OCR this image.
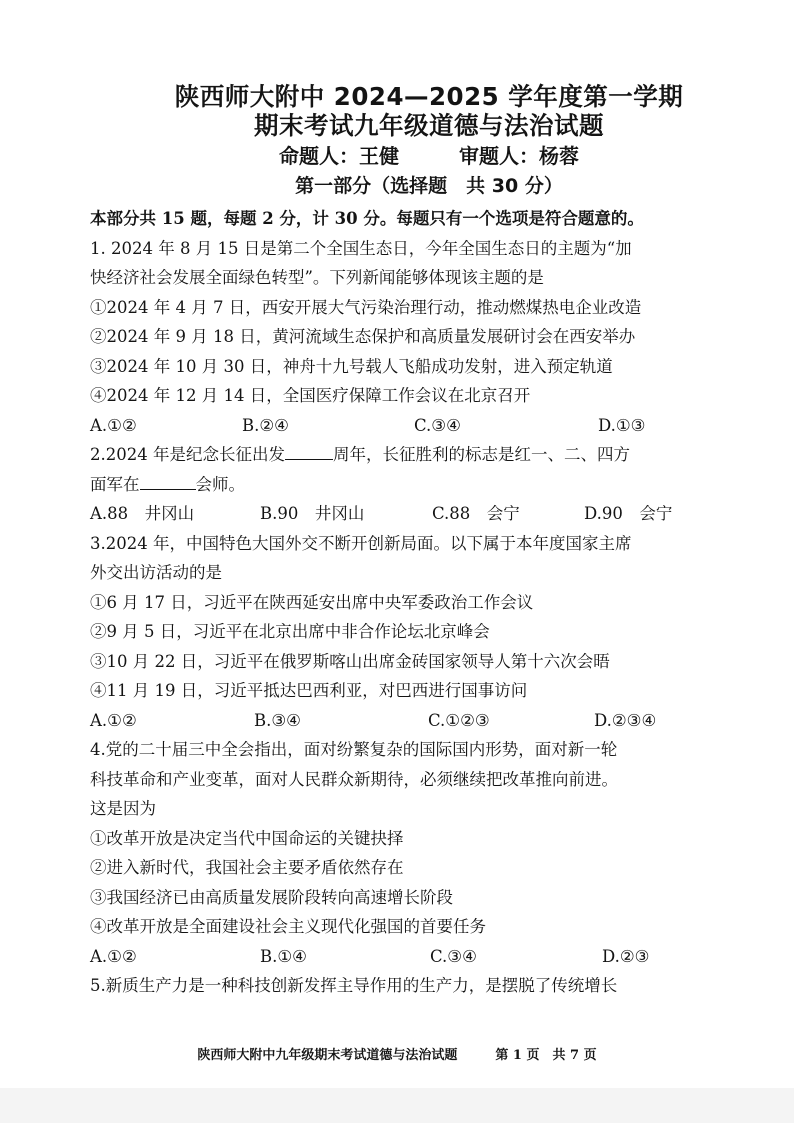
陕西师大附中 2024—2025 学年度第一学期
期末考试九年级道德与法治试题
命题人：王健	审题人：杨蓉
第一部分（选择题　共 30 分）
本部分共 15 题，每题 2 分，计 30 分。每题只有一个选项是符合题意的。
1. 2024 年 8 月 15 日是第二个全国生态日，今年全国生态日的主题为“加
快经济社会发展全面绿色转型”。下列新闻能够体现该主题的是
①2024 年 4 月 7 日，西安开展大气污染治理行动，推动燃煤热电企业改造
②2024 年 9 月 18 日，黄河流域生态保护和高质量发展研讨会在西安举办
③2024 年 10 月 30 日，神舟十九号载人飞船成功发射，进入预定轨道
④2024 年 12 月 14 日，全国医疗保障工作会议在北京召开
A.①②	B.②④	C.③④	D.①③
2.2024 年是纪念长征出发	周年，长征胜利的标志是红一、二、四方
面军在	会师。
A.88　井冈山	B.90　井冈山	C.88　会宁	D.90　会宁
3.2024 年，中国特色大国外交不断开创新局面。以下属于本年度国家主席
外交出访活动的是
①6 月 17 日，习近平在陕西延安出席中央军委政治工作会议
②9 月 5 日，习近平在北京出席中非合作论坛北京峰会
③10 月 22 日，习近平在俄罗斯喀山出席金砖国家领导人第十六次会晤
④11 月 19 日，习近平抵达巴西利亚，对巴西进行国事访问
A.①②	B.③④	C.①②③	D.②③④
4.党的二十届三中全会指出，面对纷繁复杂的国际国内形势，面对新一轮
科技革命和产业变革，面对人民群众新期待，必须继续把改革推向前进。
这是因为
①改革开放是决定当代中国命运的关键抉择
②进入新时代，我国社会主要矛盾依然存在
③我国经济已由高质量发展阶段转向高速增长阶段
④改革开放是全面建设社会主义现代化强国的首要任务
A.①②	B.①④	C.③④	D.②③
5.新质生产力是一种科技创新发挥主导作用的生产力，是摆脱了传统增长
陕西师大附中九年级期末考试道德与法治试题	第 1 页　共 7 页
